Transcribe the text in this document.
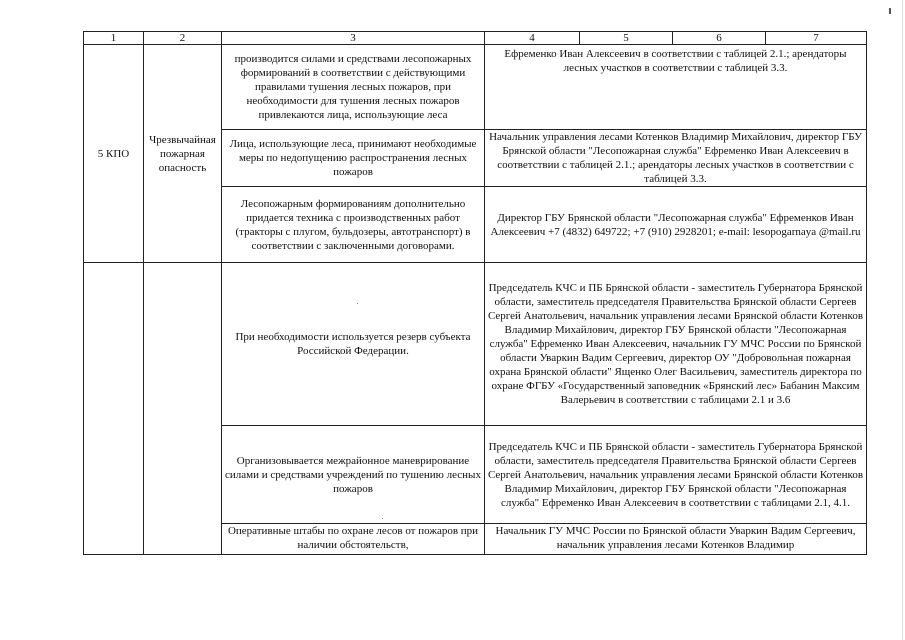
1	2	3	4	5	6	7
5 КПО	Чрезвычайная пожарная опасность	производится силами и средствами лесопожарных формирований в соответствии с действующими правилами тушения лесных пожаров, при необходимости для тушения лесных пожаров привлекаются лица, использующие леса	Ефременко Иван Алексеевич в соответствии с таблицей 2.1.; арендаторы лесных участков в соответствии с таблицей 3.3.			
		Лица, использующие леса, принимают необходимые меры по недопущению распространения лесных пожаров	Начальник управления лесами Котенков Владимир Михайлович, директор ГБУ Брянской области "Лесопожарная служба" Ефременко Иван Алексеевич в соответствии с таблицей 2.1.; арендаторы лесных участков в соответствии с таблицей 3.3.			
		Лесопожарным формированиям дополнительно придается техника с производственных работ (тракторы с плугом, бульдозеры, автотранспорт) в соответствии с заключенными договорами.	Директор ГБУ Брянской области "Лесопожарная служба" Ефременков Иван Алексеевич +7 (4832) 649722; +7 (910) 2928201; e-mail: lesopogarnaya @mail.ru			
		При необходимости используется резерв субъекта Российской Федерации.	Председатель КЧС и ПБ Брянской области - заместитель Губернатора Брянской области, заместитель председателя Правительства Брянской области Сергеев Сергей Анатольевич, начальник управления лесами Брянской области Котенков Владимир Михайлович, директор ГБУ Брянской области "Лесопожарная служба" Ефременко Иван Алексеевич, начальник ГУ МЧС России по Брянской области Уваркин Вадим Сергеевич, директор ОУ "Добровольная пожарная охрана Брянской области" Ященко Олег Васильевич, заместитель директора по охране ФГБУ «Государственный заповедник «Брянский лес» Бабанин Максим Валерьевич в соответствии с таблицами 2.1 и 3.6			
		Организовывается межрайонное маневрирование силами и средствами учреждений по тушению лесных пожаров	Председатель КЧС и ПБ Брянской области - заместитель Губернатора Брянской области, заместитель председателя Правительства Брянской области Сергеев Сергей Анатольевич, начальник управления лесами Брянской области Котенков Владимир Михайлович, директор ГБУ Брянской области "Лесопожарная служба" Ефременко Иван Алексеевич в соответствии с таблицами 2.1, 4.1.			
		Оперативные штабы по охране лесов от пожаров при наличии обстоятельств,	Начальник ГУ МЧС России по Брянской области Уваркин Вадим Сергеевич, начальник управления лесами Котенков Владимир			
